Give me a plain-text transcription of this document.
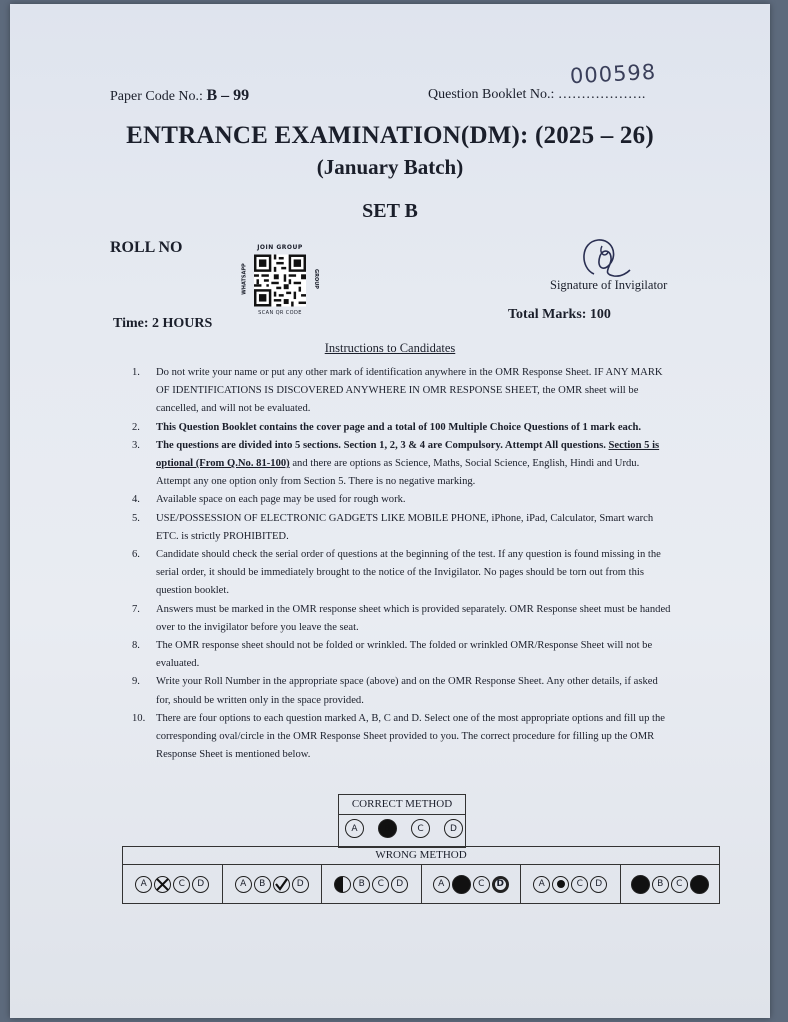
Paper Code No.: B – 99	Question Booklet No.: ……………….
000598
ENTRANCE EXAMINATION(DM): (2025 – 26)
(January Batch)
SET B
ROLL NO	JOIN GROUP
WHATSAPP	GROUP
SCAN QR CODE
Signature of Invigilator
Time: 2 HOURS
Total Marks: 100
Instructions to Candidates
1. Do not write your name or put any other mark of identification anywhere in the OMR Response Sheet. IF ANY MARK OF IDENTIFICATIONS IS DISCOVERED ANYWHERE IN OMR RESPONSE SHEET, the OMR sheet will be cancelled, and will not be evaluated.
2. This Question Booklet contains the cover page and a total of 100 Multiple Choice Questions of 1 mark each.
3. The questions are divided into 5 sections. Section 1, 2, 3 & 4 are Compulsory. Attempt All questions. Section 5 is optional (From Q.No. 81-100) and there are options as Science, Maths, Social Science, English, Hindi and Urdu. Attempt any one option only from Section 5. There is no negative marking.
4. Available space on each page may be used for rough work.
5. USE/POSSESSION OF ELECTRONIC GADGETS LIKE MOBILE PHONE, iPhone, iPad, Calculator, Smart warch ETC. is strictly PROHIBITED.
6. Candidate should check the serial order of questions at the beginning of the test. If any question is found missing in the serial order, it should be immediately brought to the notice of the Invigilator. No pages should be torn out from this question booklet.
7. Answers must be marked in the OMR response sheet which is provided separately. OMR Response sheet must be handed over to the invigilator before you leave the seat.
8. The OMR response sheet should not be folded or wrinkled. The folded or wrinkled OMR/Response Sheet will not be evaluated.
9. Write your Roll Number in the appropriate space (above) and on the OMR Response Sheet. Any other details, if asked for, should be written only in the space provided.
10. There are four options to each question marked A, B, C and D. Select one of the most appropriate options and fill up the corresponding oval/circle in the OMR Response Sheet provided to you. The correct procedure for filling up the OMR Response Sheet is mentioned below.
CORRECT METHOD
A	B	C	D
WRONG METHOD
A	C	D	A	B	D	B	C	D	A	C	D	A	C	D	B	C
